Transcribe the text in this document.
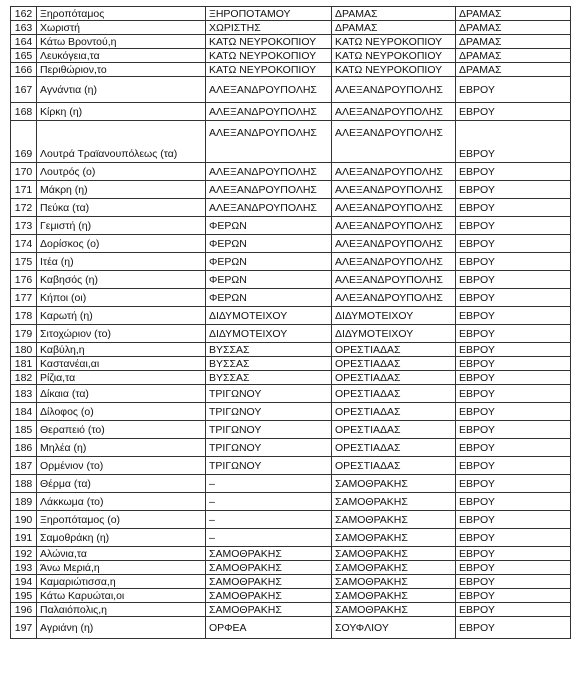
162	Ξηροπόταμος	ΞΗΡΟΠΟΤΑΜΟΥ	ΔΡΑΜΑΣ	ΔΡΑΜΑΣ
163	Χωριστή	ΧΩΡΙΣΤΗΣ	ΔΡΑΜΑΣ	ΔΡΑΜΑΣ
164	Κάτω Βροντού,η	ΚΑΤΩ ΝΕΥΡΟΚΟΠΙΟΥ	ΚΑΤΩ ΝΕΥΡΟΚΟΠΙΟΥ	ΔΡΑΜΑΣ
165	Λευκόγεια,τα	ΚΑΤΩ ΝΕΥΡΟΚΟΠΙΟΥ	ΚΑΤΩ ΝΕΥΡΟΚΟΠΙΟΥ	ΔΡΑΜΑΣ
166	Περιθώριον,το	ΚΑΤΩ ΝΕΥΡΟΚΟΠΙΟΥ	ΚΑΤΩ ΝΕΥΡΟΚΟΠΙΟΥ	ΔΡΑΜΑΣ
167	Αγνάντια (η)	ΑΛΕΞΑΝΔΡΟΥΠΟΛΗΣ	ΑΛΕΞΑΝΔΡΟΥΠΟΛΗΣ	ΕΒΡΟΥ
168	Κίρκη (η)	ΑΛΕΞΑΝΔΡΟΥΠΟΛΗΣ	ΑΛΕΞΑΝΔΡΟΥΠΟΛΗΣ	ΕΒΡΟΥ
169	Λουτρά Τραϊανουπόλεως (τα)	ΑΛΕΞΑΝΔΡΟΥΠΟΛΗΣ	ΑΛΕΞΑΝΔΡΟΥΠΟΛΗΣ	ΕΒΡΟΥ
170	Λουτρός (ο)	ΑΛΕΞΑΝΔΡΟΥΠΟΛΗΣ	ΑΛΕΞΑΝΔΡΟΥΠΟΛΗΣ	ΕΒΡΟΥ
171	Μάκρη (η)	ΑΛΕΞΑΝΔΡΟΥΠΟΛΗΣ	ΑΛΕΞΑΝΔΡΟΥΠΟΛΗΣ	ΕΒΡΟΥ
172	Πεύκα (τα)	ΑΛΕΞΑΝΔΡΟΥΠΟΛΗΣ	ΑΛΕΞΑΝΔΡΟΥΠΟΛΗΣ	ΕΒΡΟΥ
173	Γεμιστή (η)	ΦΕΡΩΝ	ΑΛΕΞΑΝΔΡΟΥΠΟΛΗΣ	ΕΒΡΟΥ
174	Δορίσκος (ο)	ΦΕΡΩΝ	ΑΛΕΞΑΝΔΡΟΥΠΟΛΗΣ	ΕΒΡΟΥ
175	Ιτέα (η)	ΦΕΡΩΝ	ΑΛΕΞΑΝΔΡΟΥΠΟΛΗΣ	ΕΒΡΟΥ
176	Καβησός (η)	ΦΕΡΩΝ	ΑΛΕΞΑΝΔΡΟΥΠΟΛΗΣ	ΕΒΡΟΥ
177	Κήποι (οι)	ΦΕΡΩΝ	ΑΛΕΞΑΝΔΡΟΥΠΟΛΗΣ	ΕΒΡΟΥ
178	Καρωτή (η)	ΔΙΔΥΜΟΤΕΙΧΟΥ	ΔΙΔΥΜΟΤΕΙΧΟΥ	ΕΒΡΟΥ
179	Σιτοχώριον (το)	ΔΙΔΥΜΟΤΕΙΧΟΥ	ΔΙΔΥΜΟΤΕΙΧΟΥ	ΕΒΡΟΥ
180	Καβύλη,η	ΒΥΣΣΑΣ	ΟΡΕΣΤΙΑΔΑΣ	ΕΒΡΟΥ
181	Καστανέαι,αι	ΒΥΣΣΑΣ	ΟΡΕΣΤΙΑΔΑΣ	ΕΒΡΟΥ
182	Ρίζια,τα	ΒΥΣΣΑΣ	ΟΡΕΣΤΙΑΔΑΣ	ΕΒΡΟΥ
183	Δίκαια (τα)	ΤΡΙΓΩΝΟΥ	ΟΡΕΣΤΙΑΔΑΣ	ΕΒΡΟΥ
184	Δίλοφος (ο)	ΤΡΙΓΩΝΟΥ	ΟΡΕΣΤΙΑΔΑΣ	ΕΒΡΟΥ
185	Θεραπειό (το)	ΤΡΙΓΩΝΟΥ	ΟΡΕΣΤΙΑΔΑΣ	ΕΒΡΟΥ
186	Μηλέα (η)	ΤΡΙΓΩΝΟΥ	ΟΡΕΣΤΙΑΔΑΣ	ΕΒΡΟΥ
187	Ορμένιον (το)	ΤΡΙΓΩΝΟΥ	ΟΡΕΣΤΙΑΔΑΣ	ΕΒΡΟΥ
188	Θέρμα (τα)	–	ΣΑΜΟΘΡΑΚΗΣ	ΕΒΡΟΥ
189	Λάκκωμα (το)	–	ΣΑΜΟΘΡΑΚΗΣ	ΕΒΡΟΥ
190	Ξηροπόταμος (ο)	–	ΣΑΜΟΘΡΑΚΗΣ	ΕΒΡΟΥ
191	Σαμοθράκη (η)	–	ΣΑΜΟΘΡΑΚΗΣ	ΕΒΡΟΥ
192	Αλώνια,τα	ΣΑΜΟΘΡΑΚΗΣ	ΣΑΜΟΘΡΑΚΗΣ	ΕΒΡΟΥ
193	Άνω Μεριά,η	ΣΑΜΟΘΡΑΚΗΣ	ΣΑΜΟΘΡΑΚΗΣ	ΕΒΡΟΥ
194	Καμαριώτισσα,η	ΣΑΜΟΘΡΑΚΗΣ	ΣΑΜΟΘΡΑΚΗΣ	ΕΒΡΟΥ
195	Κάτω Καρυώται,οι	ΣΑΜΟΘΡΑΚΗΣ	ΣΑΜΟΘΡΑΚΗΣ	ΕΒΡΟΥ
196	Παλαιόπολις,η	ΣΑΜΟΘΡΑΚΗΣ	ΣΑΜΟΘΡΑΚΗΣ	ΕΒΡΟΥ
197	Αγριάνη (η)	ΟΡΦΕΑ	ΣΟΥΦΛΙΟΥ	ΕΒΡΟΥ
